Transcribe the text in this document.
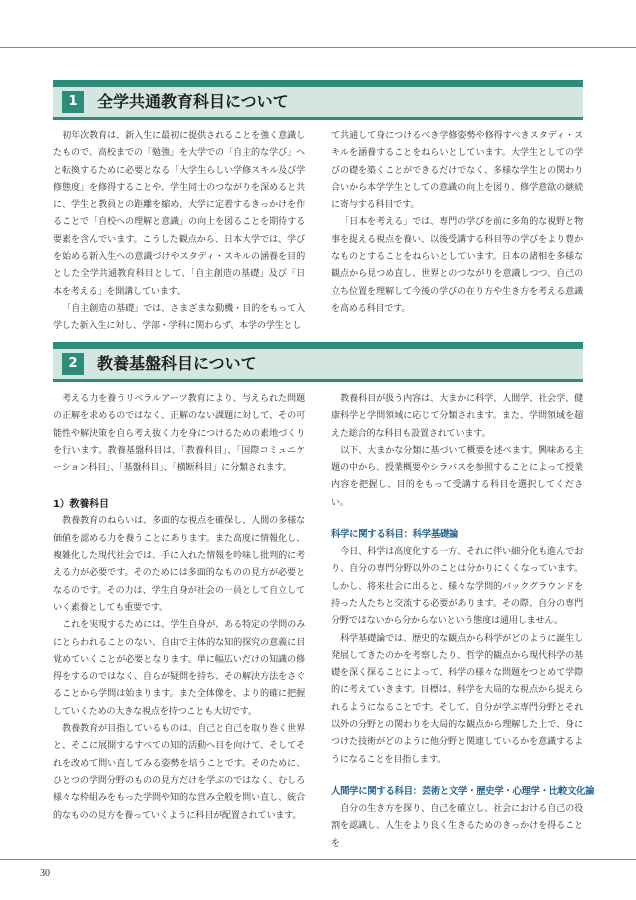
1	全学共通教育科目について

初年次教育は、新入生に最初に提供されることを強く意識したもので、高校までの「勉強」を大学での「自主的な学び」へと転換するために必要となる「大学生らしい学修スキル及び学修態度」を修得することや、学生同士のつながりを深めると共に、学生と教員との距離を縮め、大学に定着するきっかけを作ることで「自校への理解と意識」の向上を図ることを期待する要素を含んでいます。こうした観点から、日本大学では、学びを始める新入生への意識づけやスタディ・スキルの涵養を目的とした全学共通教育科目として、「自主創造の基礎」及び「日本を考える」を開講しています。

「自主創造の基礎」では、さまざまな動機・目的をもって入学した新入生に対し、学部・学科に関わらず、本学の学生とし

て共通して身につけるべき学修姿勢や修得すべきスタディ・スキルを涵養することをねらいとしています。大学生としての学びの礎を築くことができるだけでなく、多様な学生との関わり合いから本学学生としての意識の向上を図り、修学意欲の継続に寄与する科目です。

「日本を考える」では、専門の学びを前に多角的な視野と物事を捉える視点を養い、以後受講する科目等の学びをより豊かなものとすることをねらいとしています。日本の諸相を多様な観点から見つめ直し、世界とのつながりを意識しつつ、自己の立ち位置を理解して今後の学びの在り方や生き方を考える意識を高める科目です。

2	教養基盤科目について

考える力を養うリベラルアーツ教育により、与えられた問題の正解を求めるのではなく、正解のない課題に対して、その可能性や解決策を自ら考え抜く力を身につけるための素地づくりを行います。教養基盤科目は、「教養科目」、「国際コミュニケーション科目」、「基盤科目」、「横断科目」に分類されます。

1）教養科目

教養教育のねらいは、多面的な視点を確保し、人間の多様な価値を認める力を養うことにあります。また高度に情報化し、複雑化した現代社会では、手に入れた情報を吟味し批判的に考える力が必要です。そのためには多面的なものの見方が必要となるのです。その力は、学生自身が社会の一員として自立していく素養としても重要です。

これを実現するためには、学生自身が、ある特定の学問のみにとらわれることのない、自由で主体的な知的探究の意義に目覚めていくことが必要となります。単に幅広いだけの知識の修得をするのではなく、自らが疑問を持ち、その解決方法をさぐることから学問は始まります。また全体像を、より的確に把握していくための大きな視点を持つことも大切です。

教養教育が目指しているものは、自己と自己を取り巻く世界と、そこに展開するすべての知的活動へ目を向けて、そしてそれを改めて問い直してみる姿勢を培うことです。そのために、ひとつの学問分野のものの見方だけを学ぶのではなく、むしろ様々な枠組みをもった学問や知的な営み全般を問い直し、統合的なものの見方を養っていくように科目が配置されています。

教養科目が扱う内容は、大まかに科学、人間学、社会学、健康科学と学問領域に応じて分類されます。また、学問領域を超えた総合的な科目も設置されています。

以下、大まかな分類に基づいて概要を述べます。興味ある主題の中から、授業概要やシラバスを参照することによって授業内容を把握し、目的をもって受講する科目を選択してください。

科学に関する科目：科学基礎論

今日、科学は高度化する一方、それに伴い細分化も進んでおり、自分の専門分野以外のことは分かりにくくなっています。しかし、将来社会に出ると、様々な学問的バックグラウンドを持った人たちと交流する必要があります。その際、自分の専門分野ではないから分からないという態度は通用しません。

科学基礎論では、歴史的な観点から科学がどのように誕生し発展してきたのかを考察したり、哲学的観点から現代科学の基礎を深く探ることによって、科学の様々な問題をつとめて学際的に考えていきます。目標は、科学を大局的な視点から捉えられるようになることです。そして、自分が学ぶ専門分野とそれ以外の分野との関わりを大局的な観点から理解した上で、身につけた技術がどのように他分野と関連しているかを意識するようになることを目指します。

人間学に関する科目：芸術と文学・歴史学・心理学・比較文化論

自分の生き方を探り、自己を確立し、社会における自己の役割を認識し、人生をより良く生きるためのきっかけを得ることを

30
